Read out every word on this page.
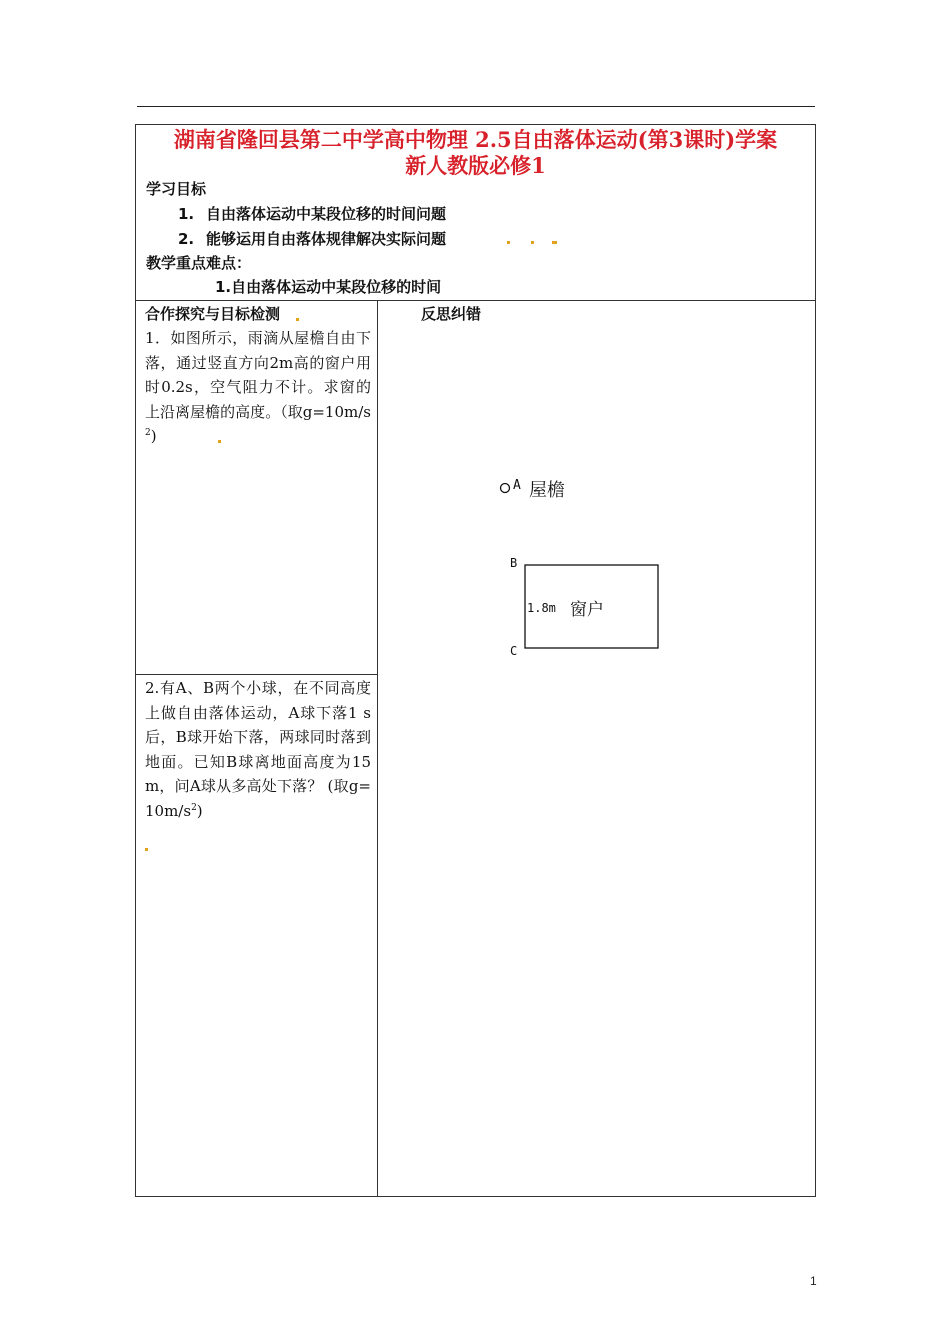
湖南省隆回县第二中学高中物理 2.5自由落体运动(第3课时)学案
新人教版必修1
学习目标
1. 自由落体运动中某段位移的时间问题
2. 能够运用自由落体规律解决实际问题
教学重点难点：
1.自由落体运动中某段位移的时间
合作探究与目标检测	反思纠错

1．如图所示，雨滴从屋檐自由下落，通过竖直方向2m高的窗户用时0.2s，空气阻力不计。求窗的上沿离屋檐的高度。（取$g=10m/s^2$)

2.有A、B两个小球，在不同高度上做自由落体运动，A球下落1 s后，B球开始下落，两球同时落到地面。已知B球离地面高度为15m，问A球从多高处下落？ (取$g=10m/s^2$)

A 屋檐
B
C
1.8m 窗户
1
